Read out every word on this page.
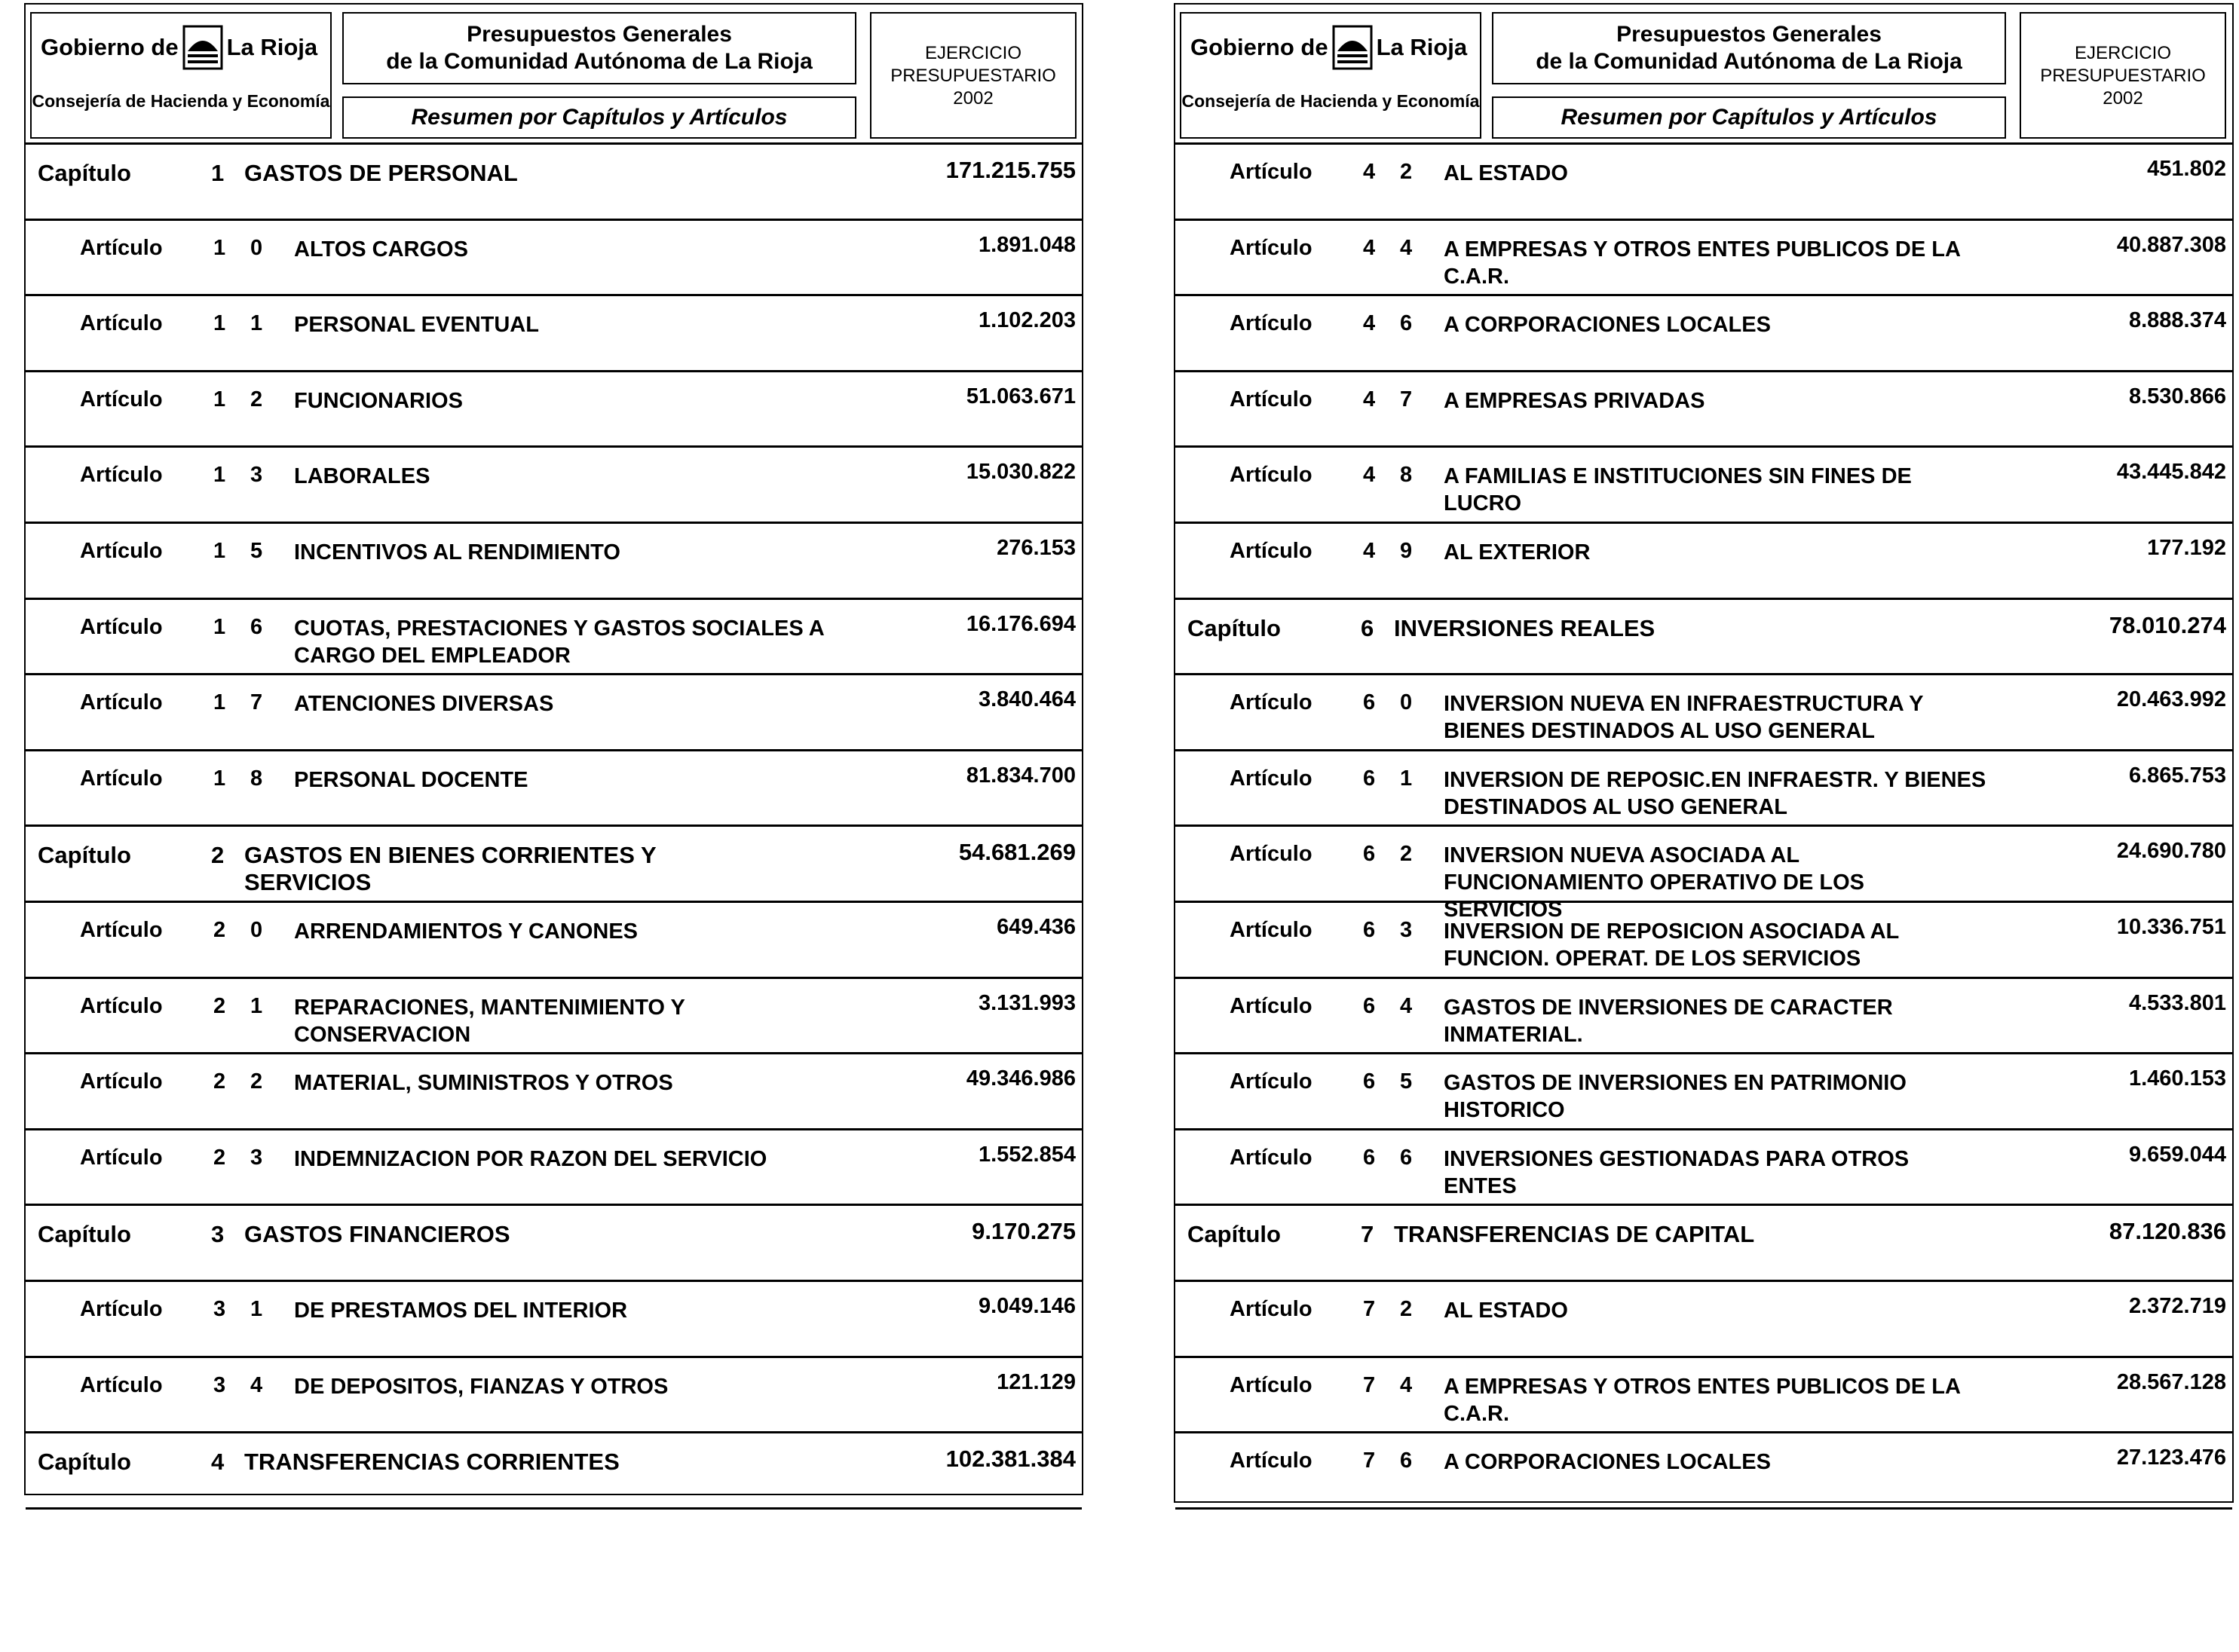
Gobierno de La Rioja
Consejería de Hacienda y Economía
Presupuestos Generales
de la Comunidad Autónoma de La Rioja
Resumen por Capítulos y Artículos
EJERCICIO
PRESUPUESTARIO
2002
Capítulo	1 GASTOS DE PERSONAL	171.215.755
Artículo 1 0 ALTOS CARGOS	1.891.048
Artículo 1 1 PERSONAL EVENTUAL	1.102.203
Artículo 1 2 FUNCIONARIOS	51.063.671
Artículo 1 3 LABORALES	15.030.822
Artículo 1 5 INCENTIVOS AL RENDIMIENTO	276.153
Artículo 1 6 CUOTAS, PRESTACIONES Y GASTOS SOCIALES A CARGO DEL EMPLEADOR
16.176.694
Artículo 1 7 ATENCIONES DIVERSAS	3.840.464
Artículo 1 8 PERSONAL DOCENTE	81.834.700
Capítulo	2 GASTOS EN BIENES CORRIENTES Y SERVICIOS
54.681.269
Artículo 2 0 ARRENDAMIENTOS Y CANONES	649.436
Artículo 2 1 REPARACIONES, MANTENIMIENTO Y CONSERVACION
3.131.993
Artículo 2 2 MATERIAL, SUMINISTROS Y OTROS	49.346.986
Artículo 2 3 INDEMNIZACION POR RAZON DEL SERVICIO	1.552.854
Capítulo	3 GASTOS FINANCIEROS	9.170.275
Artículo 3 1 DE PRESTAMOS DEL INTERIOR	9.049.146
Artículo 3 4 DE DEPOSITOS, FIANZAS Y OTROS	121.129
Capítulo	4 TRANSFERENCIAS CORRIENTES	102.381.384
Gobierno de La Rioja
Consejería de Hacienda y Economía
Presupuestos Generales
de la Comunidad Autónoma de La Rioja
Resumen por Capítulos y Artículos
EJERCICIO
PRESUPUESTARIO
2002
Artículo 4 2 AL ESTADO	451.802
Artículo 4 4 A EMPRESAS Y OTROS ENTES PUBLICOS DE LA C.A.R.
40.887.308
Artículo 4 6 A CORPORACIONES LOCALES	8.888.374
Artículo 4 7 A EMPRESAS PRIVADAS	8.530.866
Artículo 4 8 A FAMILIAS E INSTITUCIONES SIN FINES DE LUCRO
43.445.842
Artículo 4 9 AL EXTERIOR	177.192
Capítulo	6 INVERSIONES REALES	78.010.274
Artículo 6 0 INVERSION NUEVA EN INFRAESTRUCTURA Y BIENES DESTINADOS AL USO GENERAL
20.463.992
Artículo 6 1 INVERSION DE REPOSIC.EN INFRAESTR. Y BIENES DESTINADOS AL USO GENERAL
6.865.753
Artículo 6 2 INVERSION NUEVA ASOCIADA AL FUNCIONAMIENTO OPERATIVO DE LOS SERVICIOS
24.690.780
Artículo 6 3 INVERSION DE REPOSICION ASOCIADA AL FUNCION. OPERAT. DE LOS SERVICIOS
10.336.751
Artículo 6 4 GASTOS DE INVERSIONES DE CARACTER INMATERIAL.
4.533.801
Artículo 6 5 GASTOS DE INVERSIONES EN PATRIMONIO HISTORICO
1.460.153
Artículo 6 6 INVERSIONES GESTIONADAS PARA OTROS ENTES
9.659.044
Capítulo	7 TRANSFERENCIAS DE CAPITAL	87.120.836
Artículo 7 2 AL ESTADO	2.372.719
Artículo 7 4 A EMPRESAS Y OTROS ENTES PUBLICOS DE LA C.A.R.
28.567.128
Artículo 7 6 A CORPORACIONES LOCALES	27.123.476
